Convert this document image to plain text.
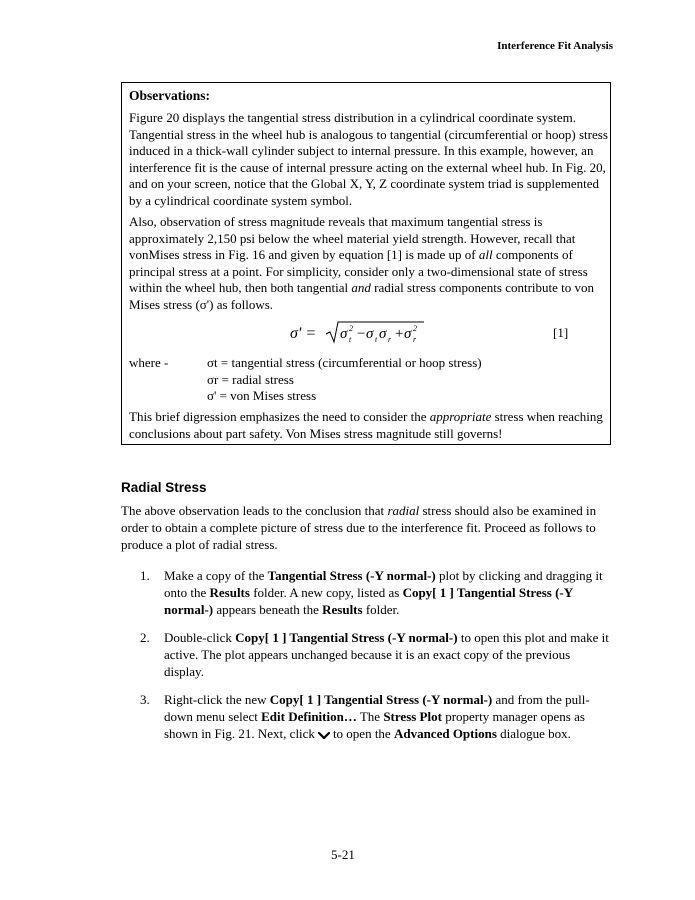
Interference Fit Analysis
Observations:
Figure 20 displays the tangential stress distribution in a cylindrical coordinate system. Tangential stress in the wheel hub is analogous to tangential (circumferential or hoop) stress induced in a thick-wall cylinder subject to internal pressure. In this example, however, an interference fit is the cause of internal pressure acting on the external wheel hub. In Fig. 20, and on your screen, notice that the Global X, Y, Z coordinate system triad is supplemented by a cylindrical coordinate system symbol.
Also, observation of stress magnitude reveals that maximum tangential stress is approximately 2,150 psi below the wheel material yield strength. However, recall that vonMises stress in Fig. 16 and given by equation [1] is made up of all components of principal stress at a point. For simplicity, consider only a two-dimensional state of stress within the wheel hub, then both tangential and radial stress components contribute to von Mises stress (σ') as follows.
σ' = σ 2
t − σ t σ r + σ 2
r	[1]
where -	σt = tangential stress (circumferential or hoop stress)
σr = radial stress
σ' = von Mises stress
This brief digression emphasizes the need to consider the appropriate stress when reaching conclusions about part safety. Von Mises stress magnitude still governs!
Radial Stress
The above observation leads to the conclusion that radial stress should also be examined in order to obtain a complete picture of stress due to the interference fit. Proceed as follows to produce a plot of radial stress.
1. Make a copy of the Tangential Stress (-Y normal-) plot by clicking and dragging it onto the Results folder. A new copy, listed as Copy[ 1 ] Tangential Stress (-Y normal-) appears beneath the Results folder.
2. Double-click Copy[ 1 ] Tangential Stress (-Y normal-) to open this plot and make it active. The plot appears unchanged because it is an exact copy of the previous display.
3. Right-click the new Copy[ 1 ] Tangential Stress (-Y normal-) and from the pull-down menu select Edit Definition… The Stress Plot property manager opens as shown in Fig. 21. Next, click to open the Advanced Options dialogue box.
5-21
